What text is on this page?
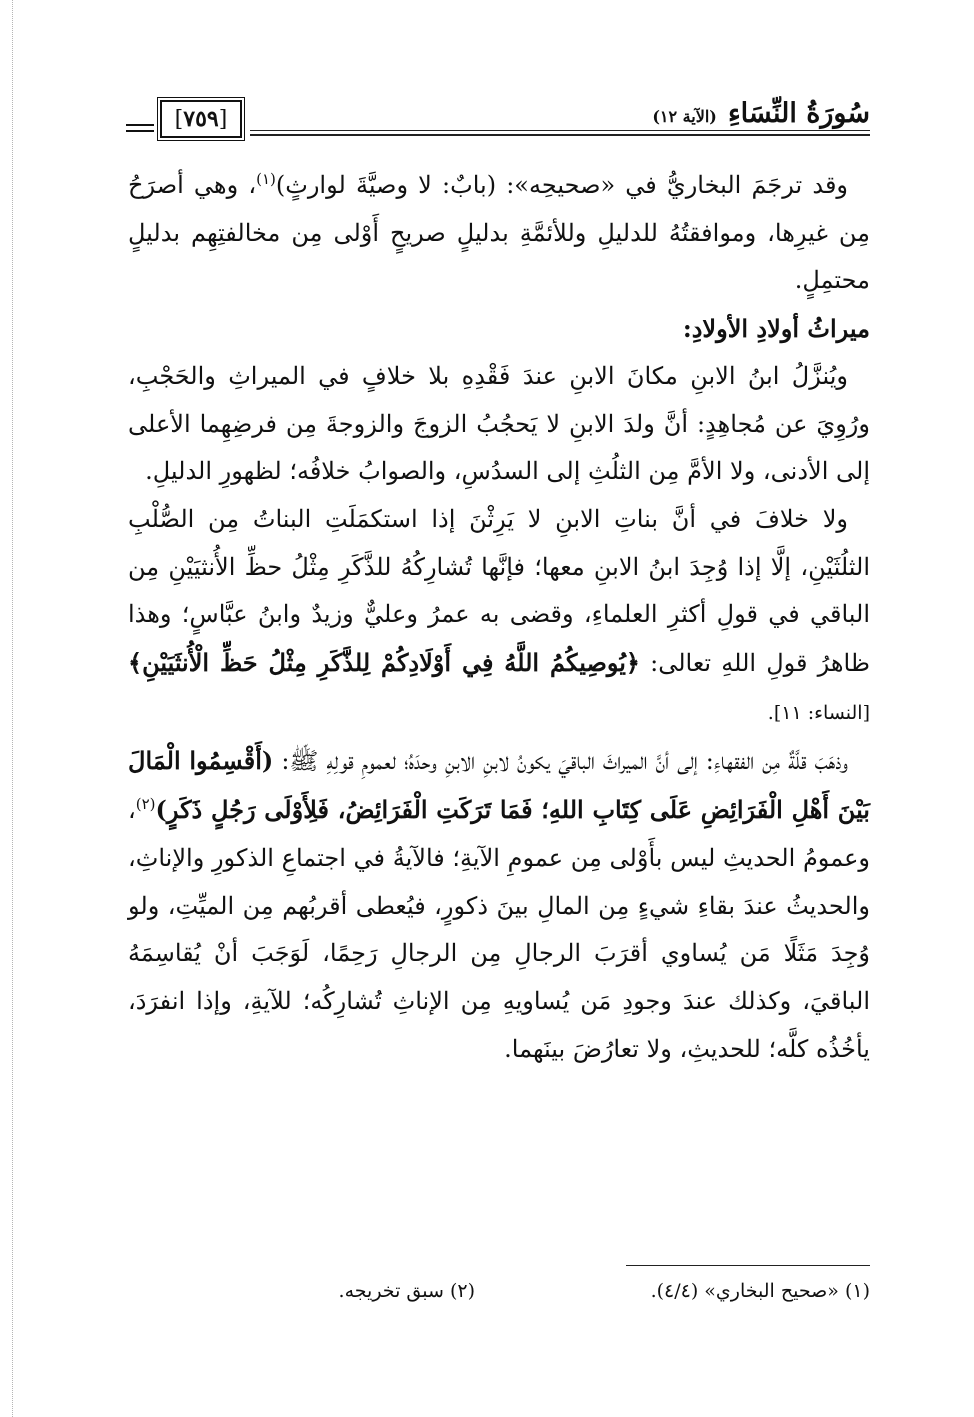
سُورَةُ النِّسَاءِ (الآية ١٢)
[٧٥٩]

وقد ترجَمَ البخاريُّ في «صحيحِه»: (بابٌ: لا وصيَّةَ لوارثٍ)$^{(١)}$، وهي أصرَحُ مِن غيرِها، وموافقتُهُ للدليلِ وللأئمَّةِ بدليلٍ صريحٍ أَوْلى مِن مخالفتِهِم بدليلٍ محتمِلٍ.

ميراثُ أولادِ الأولادِ:

ويُنزَّلُ ابنُ الابنِ مكانَ الابنِ عندَ فَقْدِهِ بلا خلافٍ في الميراثِ والحَجْبِ، ورُوِيَ عن مُجاهِدٍ: أنَّ ولدَ الابنِ لا يَحجُبُ الزوجَ والزوجةَ مِن فرضِهِما الأعلى إلى الأدنى، ولا الأمَّ مِن الثلُثِ إلى السدُسِ، والصوابُ خلافُه؛ لظهورِ الدليلِ.

ولا خلافَ في أنَّ بناتِ الابنِ لا يَرِثْنَ إذا استكمَلَتِ البناتُ مِن الصُّلْبِ الثلُثَيْنِ، إلَّا إذا وُجِدَ ابنُ الابنِ معها؛ فإنَّها تُشارِكُهُ للذَّكَرِ مِثْلُ حظِّ الأُنثيَيْنِ مِن الباقي في قولِ أكثرِ العلماءِ، وقضى به عمرُ وعليٌّ وزيدٌ وابنُ عبَّاسٍ؛ وهذا ظاهرُ قولِ اللهِ تعالى: ﴿يُوصِيكُمُ اللَّهُ فِي أَوْلَادِكُمْ لِلذَّكَرِ مِثْلُ حَظِّ الْأُنثَيَيْنِ﴾ [النساء: ١١].

وذهَبَ قلَّةٌ مِن الفقهاءِ: إلى أنَّ الميراثَ الباقيَ يكونُ لابنِ الابنِ وحدَهُ؛ لعمومِ قولِهِ ﷺ: (أَقْسِمُوا الْمَالَ بَيْنَ أَهْلِ الْفَرَائِضِ عَلَى كِتَابِ اللهِ؛ فَمَا تَرَكَتِ الْفَرَائِضُ، فَلِأَوْلَى رَجُلٍ ذَكَرٍ)$^{(٢)}$، وعمومُ الحديثِ ليس بأَوْلى مِن عمومِ الآيةِ؛ فالآيةُ في اجتماعِ الذكورِ والإناثِ، والحديثُ عندَ بقاءِ شيءٍ مِن المالِ بينَ ذكورٍ، فيُعطى أقربُهم مِن الميِّتِ، ولو وُجِدَ مَثَلًا مَن يُساوي أقرَبَ الرجالِ مِن الرجالِ رَحِمًا، لَوَجَبَ أنْ يُقاسِمَهُ الباقيَ، وكذلك عندَ وجودِ مَن يُساويهِ مِن الإناثِ تُشارِكُه؛ للآيةِ، وإذا انفرَدَ، يأخُذُه كلَّه؛ للحديثِ، ولا تعارُضَ بينَهما.

(١) «صحيح البخاري» (٤/٤).
(٢) سبق تخريجه.
